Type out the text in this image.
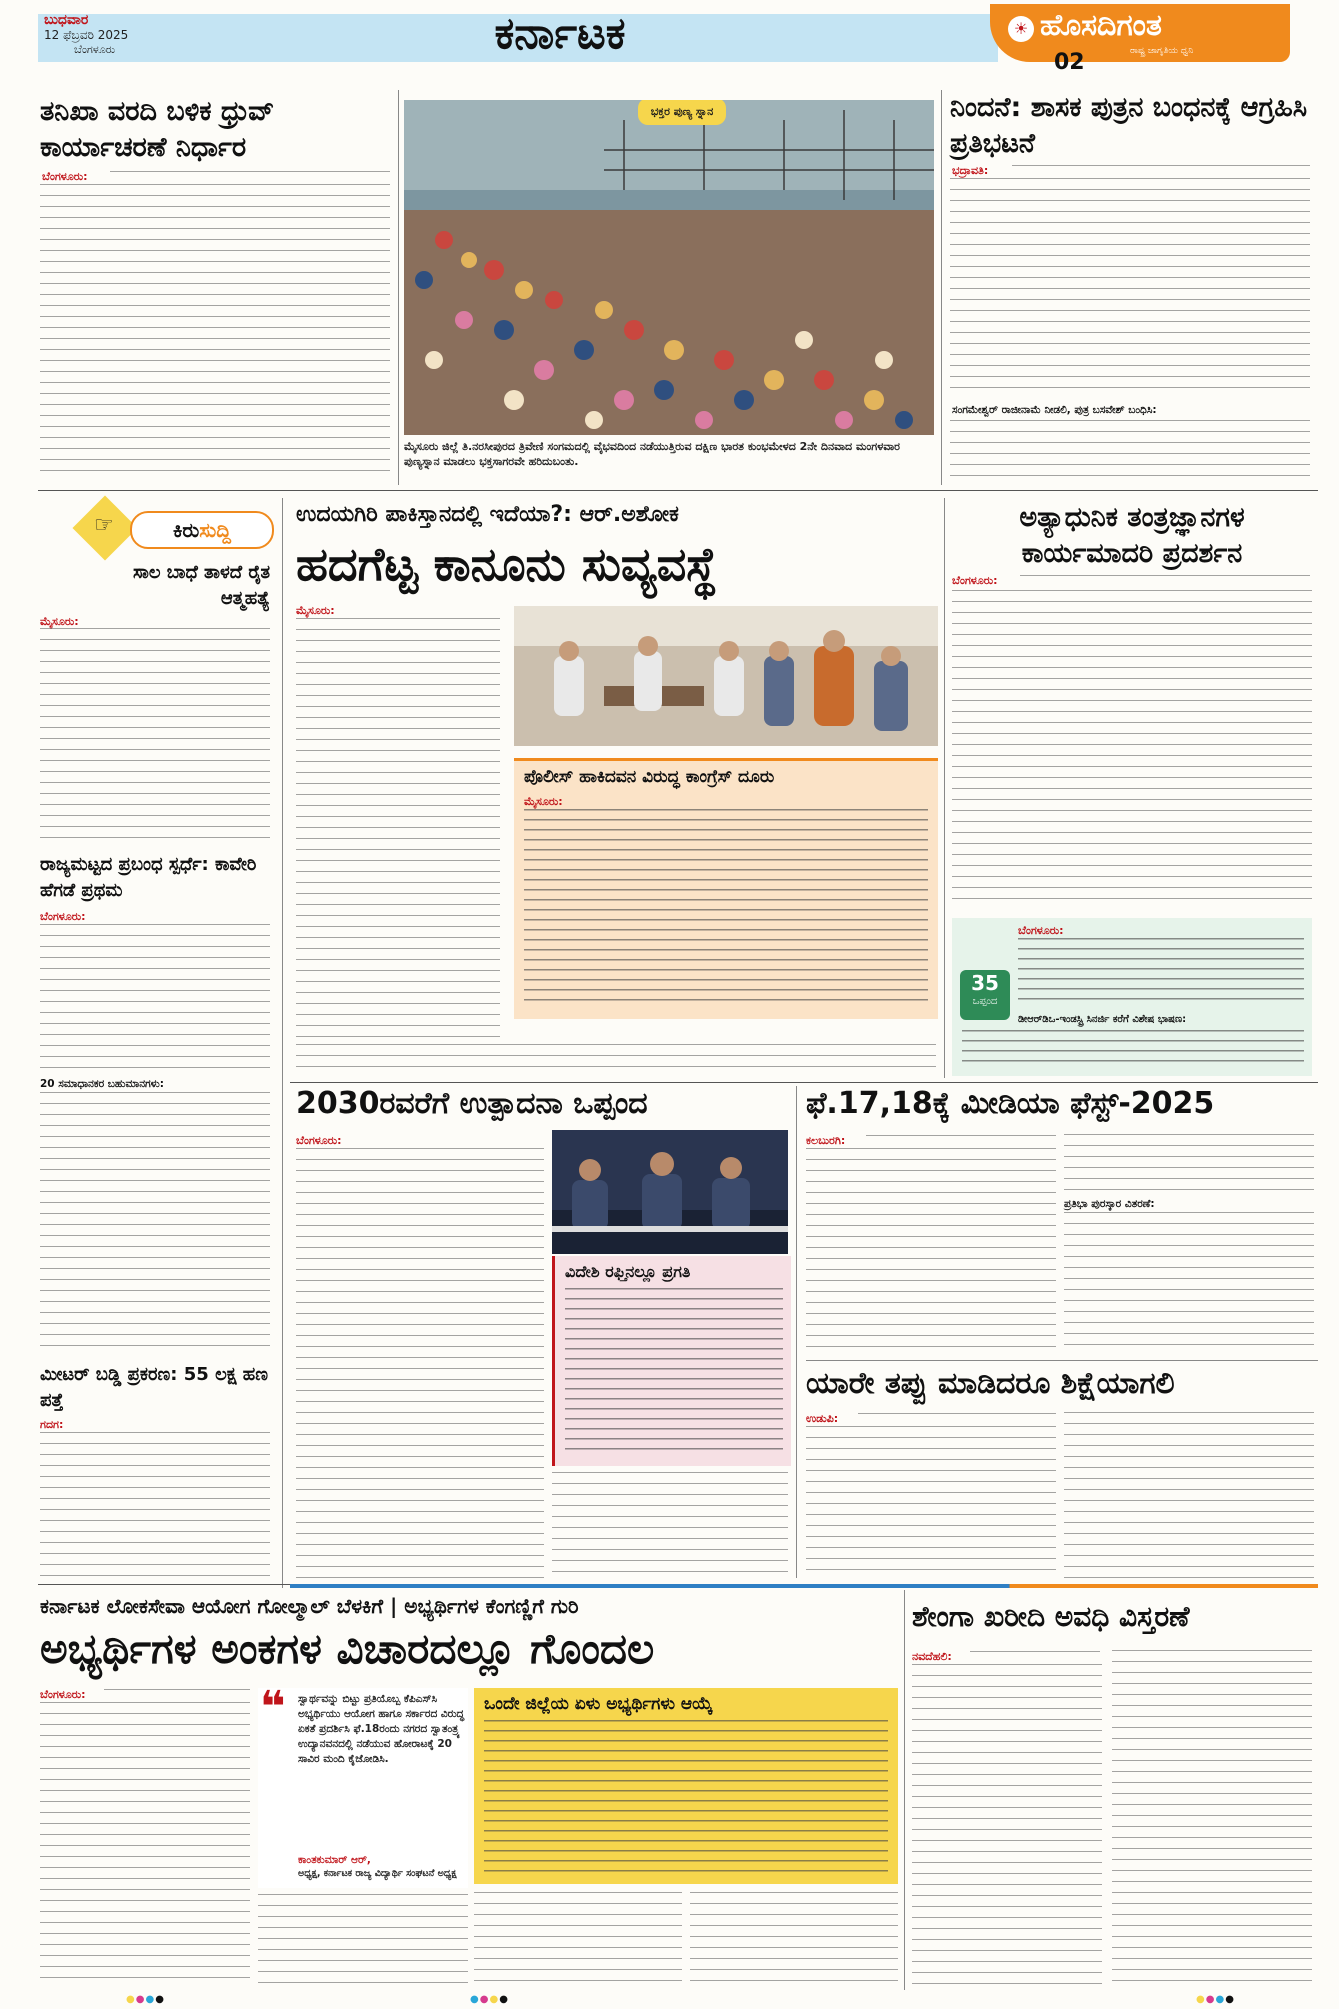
ಬುಧವಾರ
12 ಫೆಬ್ರವರಿ 2025
ಬೆಂಗಳೂರು	ಕರ್ನಾಟಕ	☀ ಹೊಸದಿಗಂತ
ರಾಷ್ಟ್ರ ಜಾಗೃತಿಯ ಧ್ವನಿ
02
ತನಿಖಾ ವರದಿ ಬಳಿಕ ಧ್ರುವ್ ಕಾರ್ಯಾಚರಣೆ ನಿರ್ಧಾರ
ಬೆಂಗಳೂರು:
ಭಕ್ತರ ಪುಣ್ಯ ಸ್ನಾನ
ಮೈಸೂರು ಜಿಲ್ಲೆ ತಿ.ನರಸೀಪುರದ ತ್ರಿವೇಣಿ ಸಂಗಮದಲ್ಲಿ ವೈಭವದಿಂದ ನಡೆಯುತ್ತಿರುವ ದಕ್ಷಿಣ ಭಾರತ ಕುಂಭಮೇಳದ 2ನೇ ದಿನವಾದ ಮಂಗಳವಾರ ಪುಣ್ಯಸ್ನಾನ ಮಾಡಲು ಭಕ್ತಸಾಗರವೇ ಹರಿದುಬಂತು.
ನಿಂದನೆ: ಶಾಸಕ ಪುತ್ರನ ಬಂಧನಕ್ಕೆ ಆಗ್ರಹಿಸಿ ಪ್ರತಿಭಟನೆ
ಭದ್ರಾವತಿ:
ಸಂಗಮೇಶ್ವರ್ ರಾಜೀನಾಮೆ ನೀಡಲಿ, ಪುತ್ರ ಬಸವೇಶ್ ಬಂಧಿಸಿ:
☞	ಕಿರುಸುದ್ದಿ
ಸಾಲ ಬಾಧೆ ತಾಳದೆ ರೈತ ಆತ್ಮಹತ್ಯೆ
ಮೈಸೂರು:
ರಾಜ್ಯಮಟ್ಟದ ಪ್ರಬಂಧ ಸ್ಪರ್ಧೆ: ಕಾವೇರಿ ಹೆಗಡೆ ಪ್ರಥಮ
ಬೆಂಗಳೂರು:
20 ಸಮಾಧಾನಕರ ಬಹುಮಾನಗಳು:
ಮೀಟರ್ ಬಡ್ಡಿ ಪ್ರಕರಣ: 55 ಲಕ್ಷ ಹಣ ಪತ್ತೆ
ಗದಗ:
ಉದಯಗಿರಿ ಪಾಕಿಸ್ತಾನದಲ್ಲಿ ಇದೆಯಾ?: ಆರ್.ಅಶೋಕ
ಹದಗೆಟ್ಟ ಕಾನೂನು ಸುವ್ಯವಸ್ಥೆ
ಮೈಸೂರು:
ಪೊಲೀಸ್ ಹಾಕಿದವನ ವಿರುದ್ಧ ಕಾಂಗ್ರೆಸ್ ದೂರು
ಮೈಸೂರು:
ಅತ್ಯಾಧುನಿಕ ತಂತ್ರಜ್ಞಾನಗಳ ಕಾರ್ಯಮಾದರಿ ಪ್ರದರ್ಶನ
ಬೆಂಗಳೂರು:
35
ಒಪ್ಪಂದ
ಬೆಂಗಳೂರು:
ಡೀಆರ್‌ಡಿಒ-ಇಂಡಸ್ಟ್ರಿ ಸಿನರ್ಜಿ ಕರೆಗೆ ವಿಶೇಷ ಭಾಷಣ:
2030ರವರೆಗೆ ಉತ್ಪಾದನಾ ಒಪ್ಪಂದ
ಬೆಂಗಳೂರು:
ವಿದೇಶಿ ರಫ್ತಿನಲ್ಲೂ ಪ್ರಗತಿ
ಫೆ.17,18ಕ್ಕೆ ಮೀಡಿಯಾ ಫೆಸ್ಟ್-2025
ಕಲಬುರಗಿ:
ಪ್ರತಿಭಾ ಪುರಸ್ಕಾರ ವಿತರಣೆ:
ಯಾರೇ ತಪ್ಪು ಮಾಡಿದರೂ ಶಿಕ್ಷೆಯಾಗಲಿ
ಉಡುಪಿ:
ಕರ್ನಾಟಕ ಲೋಕಸೇವಾ ಆಯೋಗ ಗೋಲ್ಮಾಲ್ ಬೆಳಕಿಗೆ | ಅಭ್ಯರ್ಥಿಗಳ ಕೆಂಗಣ್ಣಿಗೆ ಗುರಿ
ಅಭ್ಯರ್ಥಿಗಳ ಅಂಕಗಳ ವಿಚಾರದಲ್ಲೂ ಗೊಂದಲ
ಬೆಂಗಳೂರು:	❝ ಸ್ವಾರ್ಥವನ್ನು ಬಿಟ್ಟು ಪ್ರತಿಯೊಬ್ಬ ಕೆಪಿಎಸ್‌ಸಿ ಅಭ್ಯರ್ಥಿಯು ಆಯೋಗ ಹಾಗೂ ಸರ್ಕಾರದ ವಿರುದ್ಧ ಏಕತೆ ಪ್ರದರ್ಶಿಸಿ ಫೆ.18ರಂದು ನಗರದ ಸ್ವಾತಂತ್ರ್ಯ ಉದ್ಯಾನವನದಲ್ಲಿ ನಡೆಯುವ ಹೋರಾಟಕ್ಕೆ 20 ಸಾವಿರ ಮಂದಿ ಕೈಜೋಡಿಸಿ.
ಕಾಂತಕುಮಾರ್ ಆರ್,
ಅಧ್ಯಕ್ಷ, ಕರ್ನಾಟಕ ರಾಜ್ಯ ವಿದ್ಯಾರ್ಥಿ ಸಂಘಟನೆ ಅಧ್ಯಕ್ಷ
ಒಂದೇ ಜಿಲ್ಲೆಯ ಏಳು ಅಭ್ಯರ್ಥಿಗಳು ಆಯ್ಕೆ
ಶೇಂಗಾ ಖರೀದಿ ಅವಧಿ ವಿಸ್ತರಣೆ
ನವದೆಹಲಿ:
●●●●	●●●●	●●●●
